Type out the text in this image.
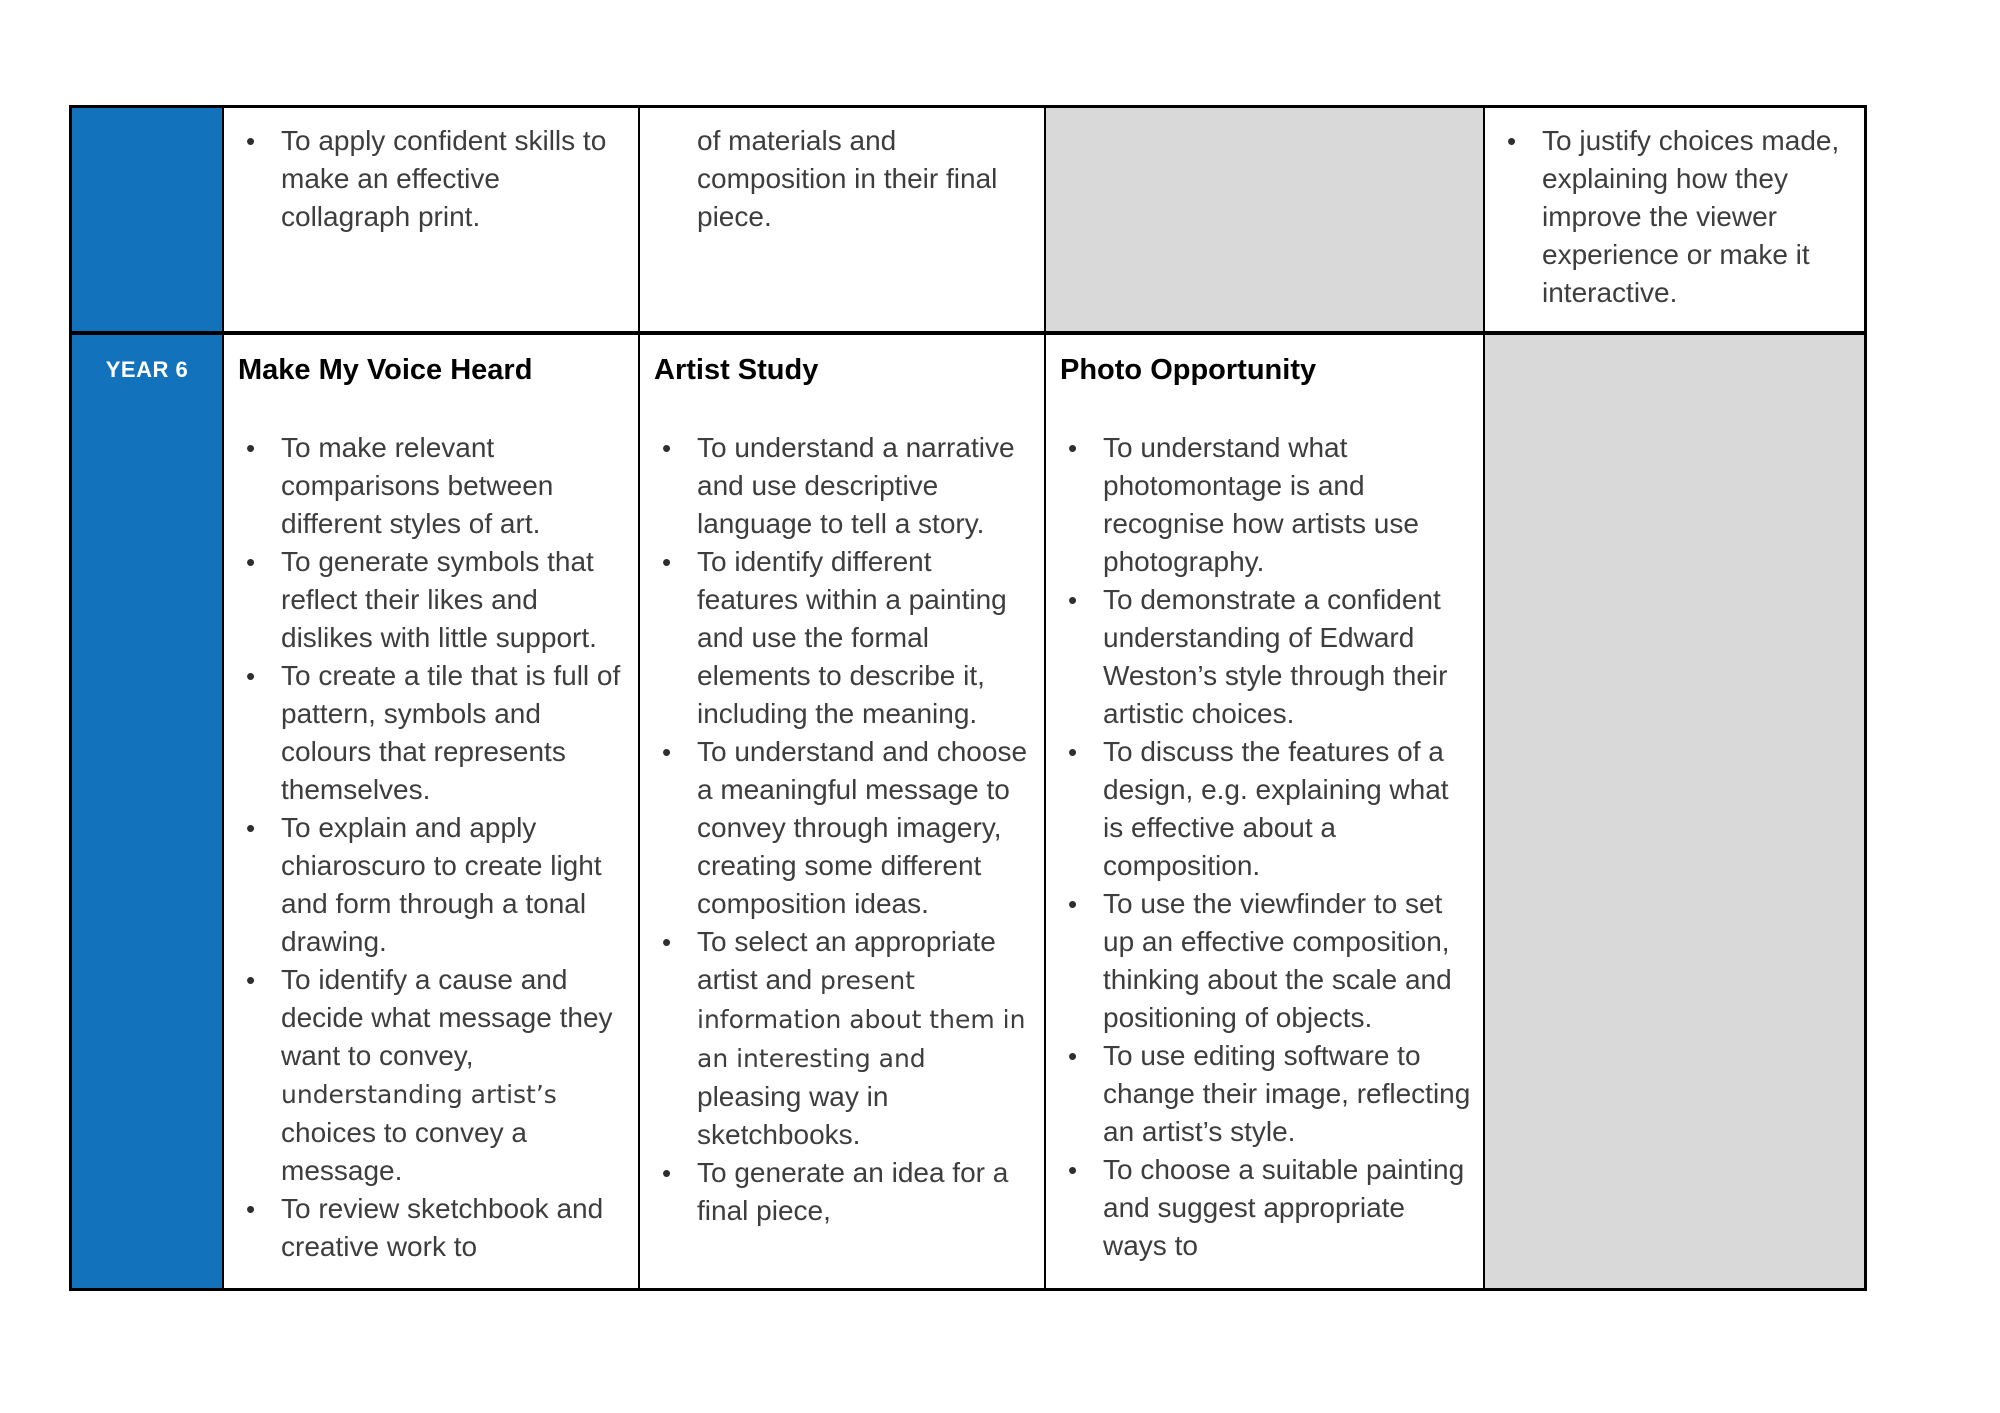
• To apply confident skills to make an effective collagraph print.
of materials and composition in their final piece.
• To justify choices made, explaining how they improve the viewer experience or make it interactive.
YEAR 6	Make My Voice Heard
• To make relevant comparisons between different styles of art.
• To generate symbols that reflect their likes and dislikes with little support.
• To create a tile that is full of pattern, symbols and colours that represents themselves.
• To explain and apply chiaroscuro to create light and form through a tonal drawing.
• To identify a cause and decide what message they want to convey, understanding artist’s choices to convey a message.
• To review sketchbook and creative work to
Artist Study
• To understand a narrative and use descriptive language to tell a story.
• To identify different features within a painting and use the formal elements to describe it, including the meaning.
• To understand and choose a meaningful message to convey through imagery, creating some different composition ideas.
• To select an appropriate artist and present information about them in an interesting and pleasing way in sketchbooks.
• To generate an idea for a final piece,
Photo Opportunity
• To understand what photomontage is and recognise how artists use photography.
• To demonstrate a confident understanding of Edward Weston’s style through their artistic choices.
• To discuss the features of a design, e.g. explaining what is effective about a composition.
• To use the viewfinder to set up an effective composition, thinking about the scale and positioning of objects.
• To use editing software to change their image, reflecting an artist’s style.
• To choose a suitable painting and suggest appropriate ways to
